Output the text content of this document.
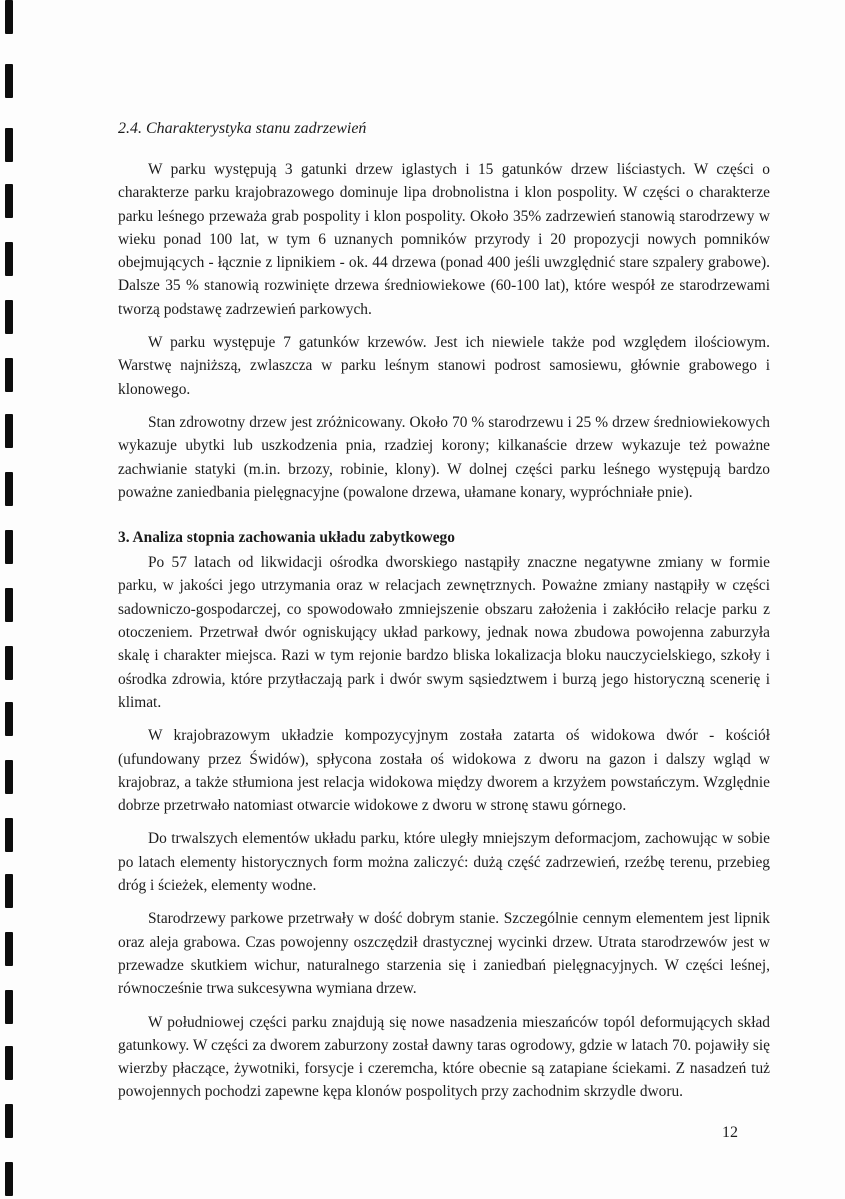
2.4. Charakterystyka stanu zadrzewień

W parku występują 3 gatunki drzew iglastych i 15 gatunków drzew liściastych. W części o charakterze parku krajobrazowego dominuje lipa drobnolistna i klon pospolity. W części o charakterze parku leśnego przeważa grab pospolity i klon pospolity. Około 35% zadrzewień stanowią starodrzewy w wieku ponad 100 lat, w tym 6 uznanych pomników przyrody i 20 propozycji nowych pomników obejmujących - łącznie z lipnikiem - ok. 44 drzewa (ponad 400 jeśli uwzględnić stare szpalery grabowe). Dalsze 35 % stanowią rozwinięte drzewa średniowiekowe (60-100 lat), które wespół ze starodrzewami tworzą podstawę zadrzewień parkowych.

W parku występuje 7 gatunków krzewów. Jest ich niewiele także pod względem ilościowym. Warstwę najniższą, zwlaszcza w parku leśnym stanowi podrost samosiewu, głównie grabowego i klonowego.

Stan zdrowotny drzew jest zróżnicowany. Około 70 % starodrzewu i 25 % drzew średniowiekowych wykazuje ubytki lub uszkodzenia pnia, rzadziej korony; kilkanaście drzew wykazuje też poważne zachwianie statyki (m.in. brzozy, robinie, klony). W dolnej części parku leśnego występują bardzo poważne zaniedbania pielęgnacyjne (powalone drzewa, ułamane konary, wypróchniałe pnie).

3. Analiza stopnia zachowania układu zabytkowego

Po 57 latach od likwidacji ośrodka dworskiego nastąpiły znaczne negatywne zmiany w formie parku, w jakości jego utrzymania oraz w relacjach zewnętrznych. Poważne zmiany nastąpiły w części sadowniczo-gospodarczej, co spowodowało zmniejszenie obszaru założenia i zakłóciło relacje parku z otoczeniem. Przetrwał dwór ogniskujący układ parkowy, jednak nowa zbudowa powojenna zaburzyła skalę i charakter miejsca. Razi w tym rejonie bardzo bliska lokalizacja bloku nauczycielskiego, szkoły i ośrodka zdrowia, które przytłaczają park i dwór swym sąsiedztwem i burzą jego historyczną scenerię i klimat.

W krajobrazowym układzie kompozycyjnym została zatarta oś widokowa dwór - kościół (ufundowany przez Świdów), spłycona została oś widokowa z dworu na gazon i dalszy wgląd w krajobraz, a także stłumiona jest relacja widokowa między dworem a krzyżem powstańczym. Względnie dobrze przetrwało natomiast otwarcie widokowe z dworu w stronę stawu górnego.

Do trwalszych elementów układu parku, które uległy mniejszym deformacjom, zachowując w sobie po latach elementy historycznych form można zaliczyć: dużą część zadrzewień, rzeźbę terenu, przebieg dróg i ścieżek, elementy wodne.

Starodrzewy parkowe przetrwały w dość dobrym stanie. Szczególnie cennym elementem jest lipnik oraz aleja grabowa. Czas powojenny oszczędził drastycznej wycinki drzew. Utrata starodrzewów jest w przewadze skutkiem wichur, naturalnego starzenia się i zaniedbań pielęgnacyjnych. W części leśnej, równocześnie trwa sukcesywna wymiana drzew.

W południowej części parku znajdują się nowe nasadzenia mieszańców topól deformujących skład gatunkowy. W części za dworem zaburzony został dawny taras ogrodowy, gdzie w latach 70. pojawiły się wierzby płaczące, żywotniki, forsycje i czeremcha, które obecnie są zatapiane ściekami. Z nasadzeń tuż powojennych pochodzi zapewne kępa klonów pospolitych przy zachodnim skrzydle dworu.

12
